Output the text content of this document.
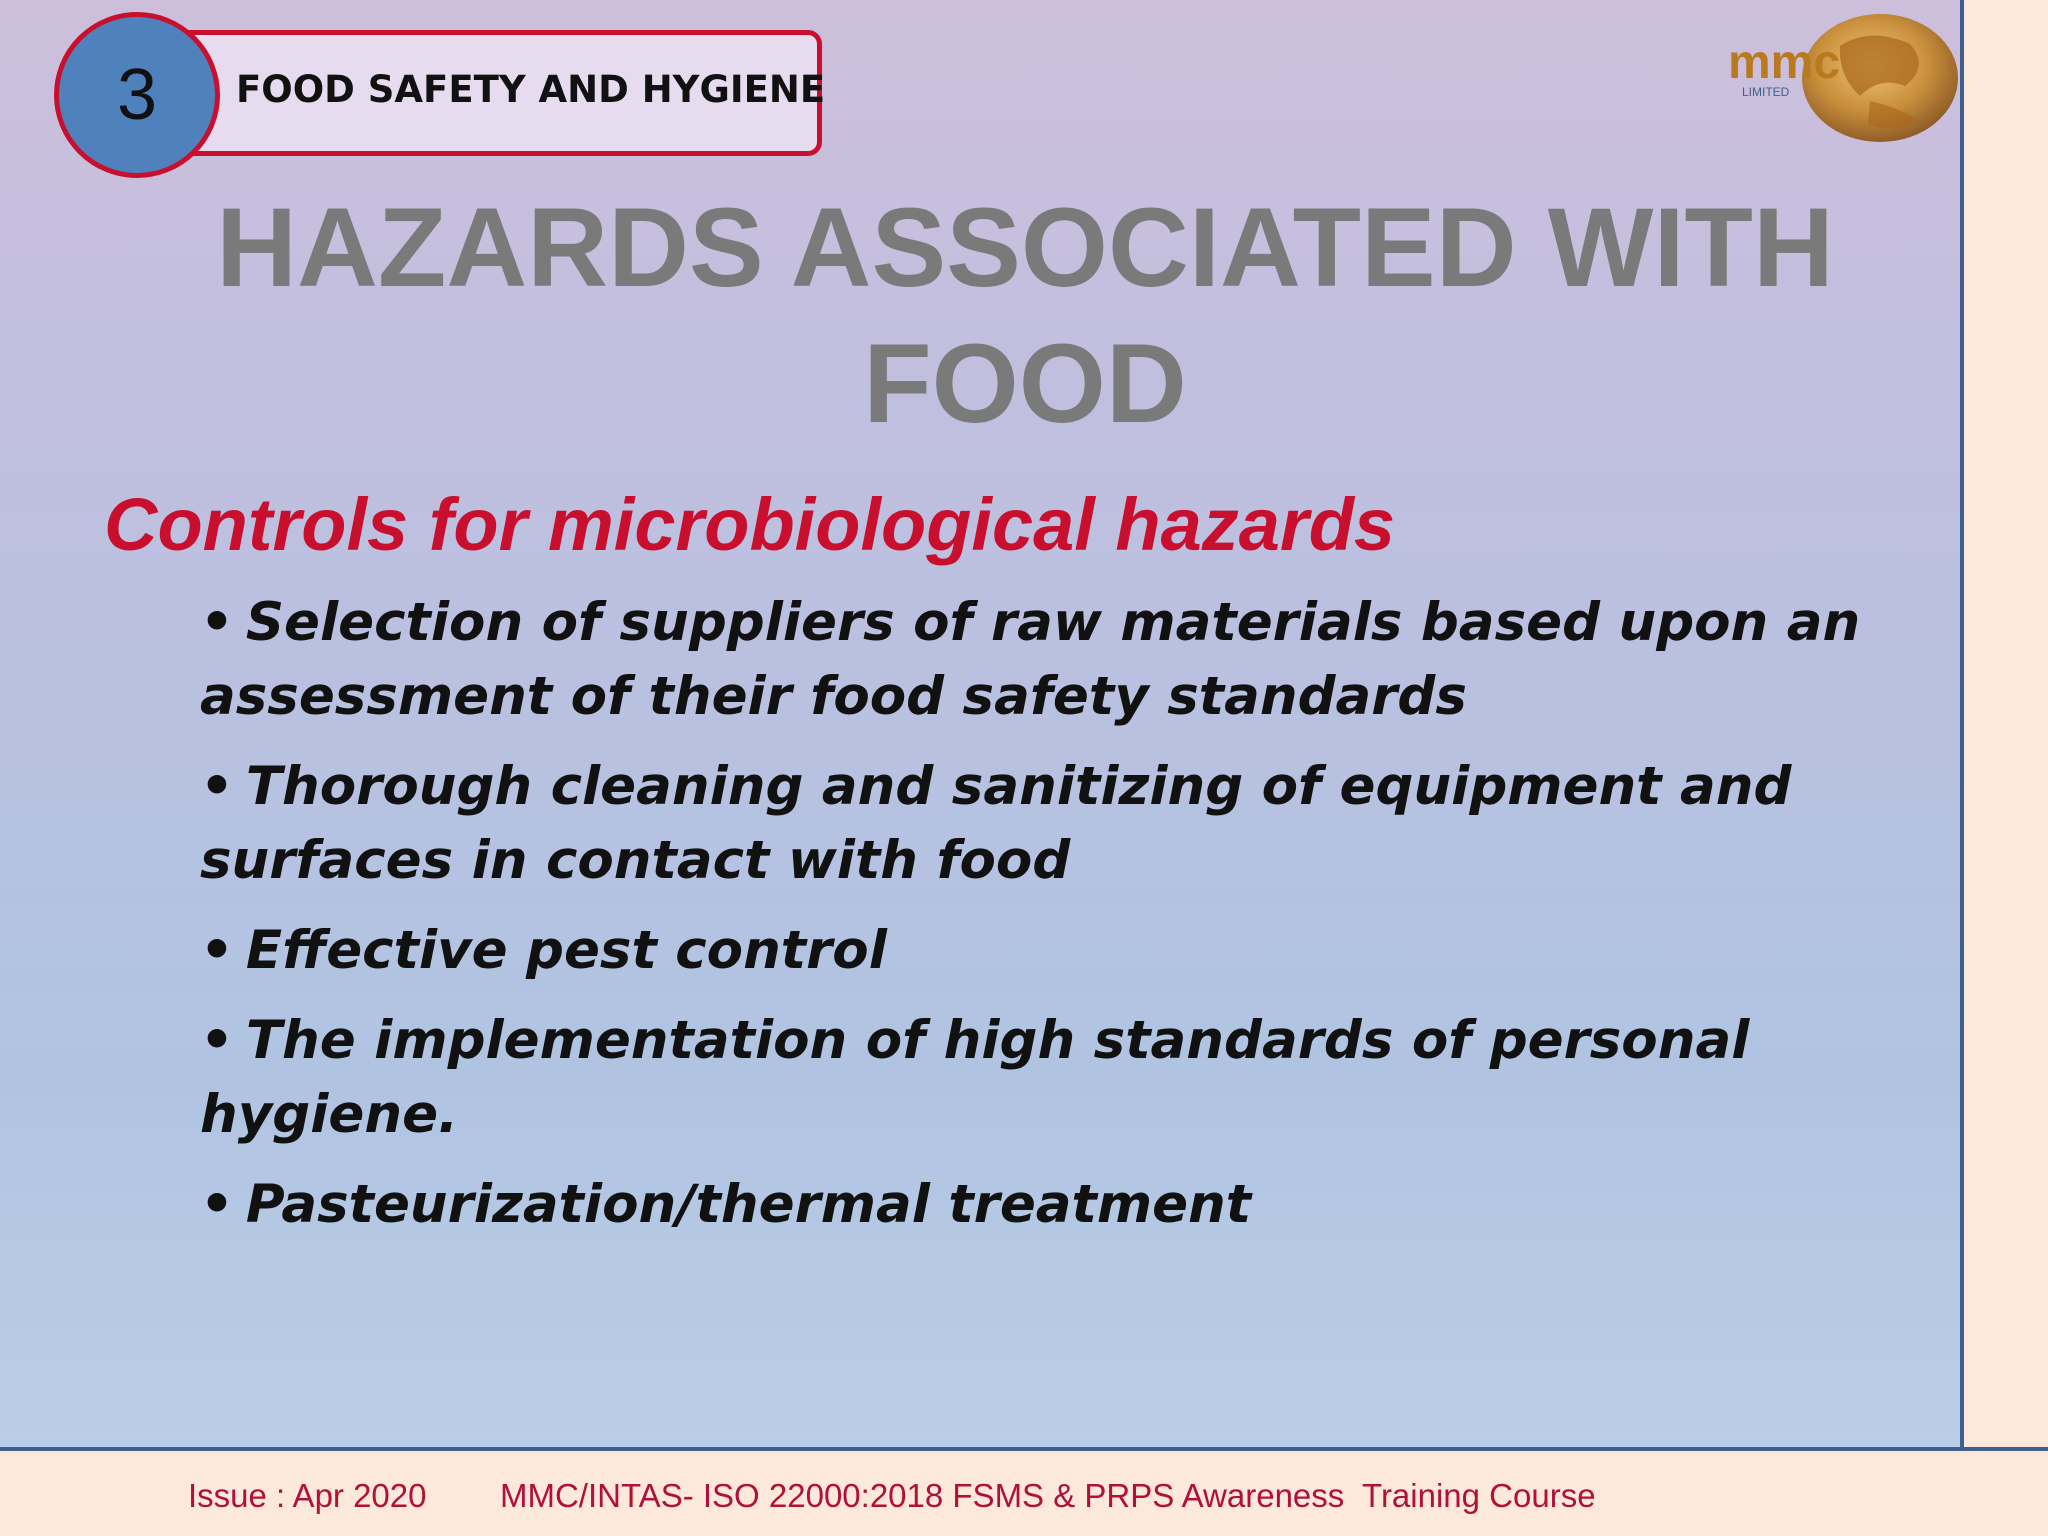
FOOD SAFETY AND HYGIENE
3	mmc
LIMITED
HAZARDS ASSOCIATED WITH FOOD
Controls for microbiological hazards
• Selection of suppliers of raw materials based upon an assessment of their food safety standards
• Thorough cleaning and sanitizing of equipment and surfaces in contact with food
• Effective pest control
• The implementation of high standards of personal hygiene.
• Pasteurization/thermal treatment
Issue : Apr 2020 MMC/INTAS- ISO 22000:2018 FSMS & PRPS Awareness  Training Course
